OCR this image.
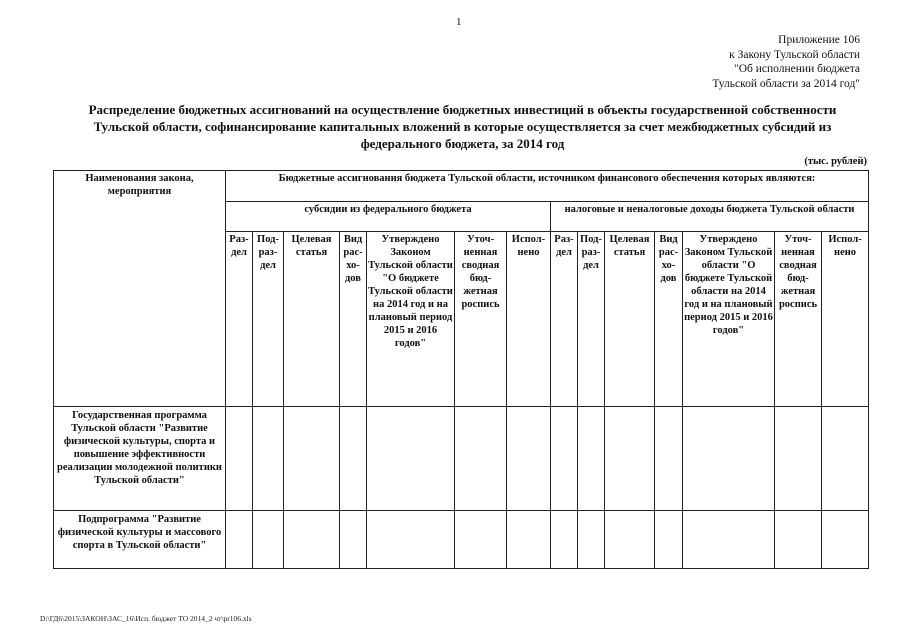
1
Приложение 106
к Закону Тульской области
"Об исполнении бюджета
Тульской области за 2014 год"
Распределение бюджетных ассигнований на осуществление бюджетных инвестиций в объекты государственной собственности
Тульской области, софинансирование капитальных вложений в которые осуществляется за счет межбюджетных субсидий из
федерального бюджета, за 2014 год
(тыс. рублей)
Наименования закона, мероприятия	Бюджетные ассигнования бюджета Тульской области, источником финансового обеспечения которых являются:													
	субсидии из федерального бюджета							налоговые и неналоговые доходы бюджета Тульской области						
	Раз- дел	Под- раз- дел	Целевая статья	Вид рас- хо- дов	Утверждено Законом Тульской области "О бюджете Тульской области на 2014 год и на плановый период 2015 и 2016 годов"	Уточ- ненная сводная бюд- жетная роспись	Испол- нено	Раз- дел	Под- раз- дел	Целевая статья	Вид рас- хо- дов	Утверждено Законом Тульской области "О бюджете Тульской области на 2014 год и на плановый период 2015 и 2016 годов"	Уточ- ненная сводная бюд- жетная роспись	Испол- нено
Государственная программа Тульской области "Развитие физической культуры, спорта и повышение эффективности реализации молодежной политики Тульской области"														
Подпрограмма "Развитие физической культуры и массового спорта в Тульской области"														
D:\ГД6\2015\ЗАКОН\ЗАС_16\Исп. бюджет ТО 2014_2 чт\pr106.xls
